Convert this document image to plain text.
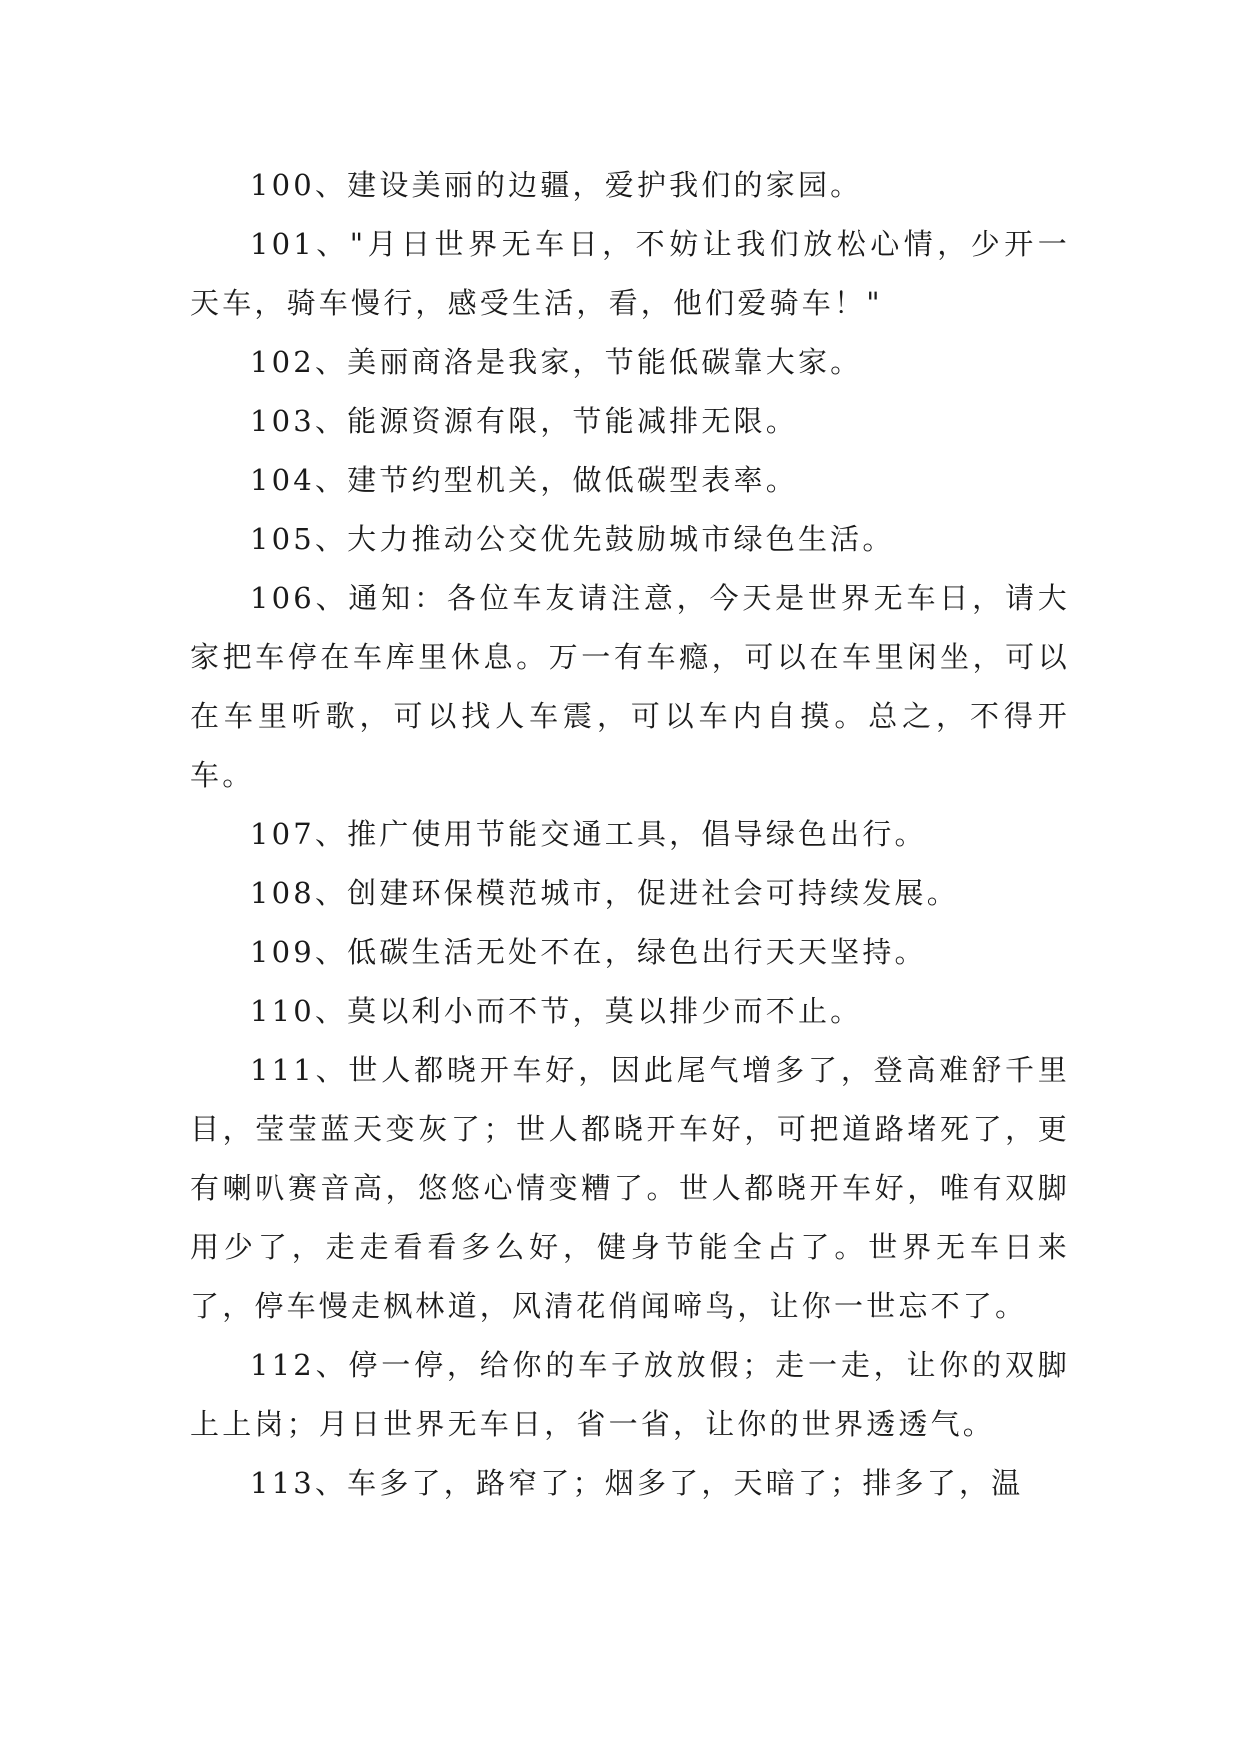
100、建设美丽的边疆，爱护我们的家园。

101、"月日世界无车日，不妨让我们放松心情，少开一天车，骑车慢行，感受生活，看，他们爱骑车！"

102、美丽商洛是我家，节能低碳靠大家。

103、能源资源有限，节能减排无限。

104、建节约型机关，做低碳型表率。

105、大力推动公交优先鼓励城市绿色生活。

106、通知：各位车友请注意，今天是世界无车日，请大家把车停在车库里休息。万一有车瘾，可以在车里闲坐，可以在车里听歌，可以找人车震，可以车内自摸。总之，不得开车。

107、推广使用节能交通工具，倡导绿色出行。

108、创建环保模范城市，促进社会可持续发展。

109、低碳生活无处不在，绿色出行天天坚持。

110、莫以利小而不节，莫以排少而不止。

111、世人都晓开车好，因此尾气增多了，登高难舒千里目，莹莹蓝天变灰了；世人都晓开车好，可把道路堵死了，更有喇叭赛音高，悠悠心情变糟了。世人都晓开车好，唯有双脚用少了，走走看看多么好，健身节能全占了。世界无车日来了，停车慢走枫林道，风清花俏闻啼鸟，让你一世忘不了。

112、停一停，给你的车子放放假；走一走，让你的双脚上上岗；月日世界无车日，省一省，让你的世界透透气。

113、车多了，路窄了；烟多了，天暗了；排多了，温
